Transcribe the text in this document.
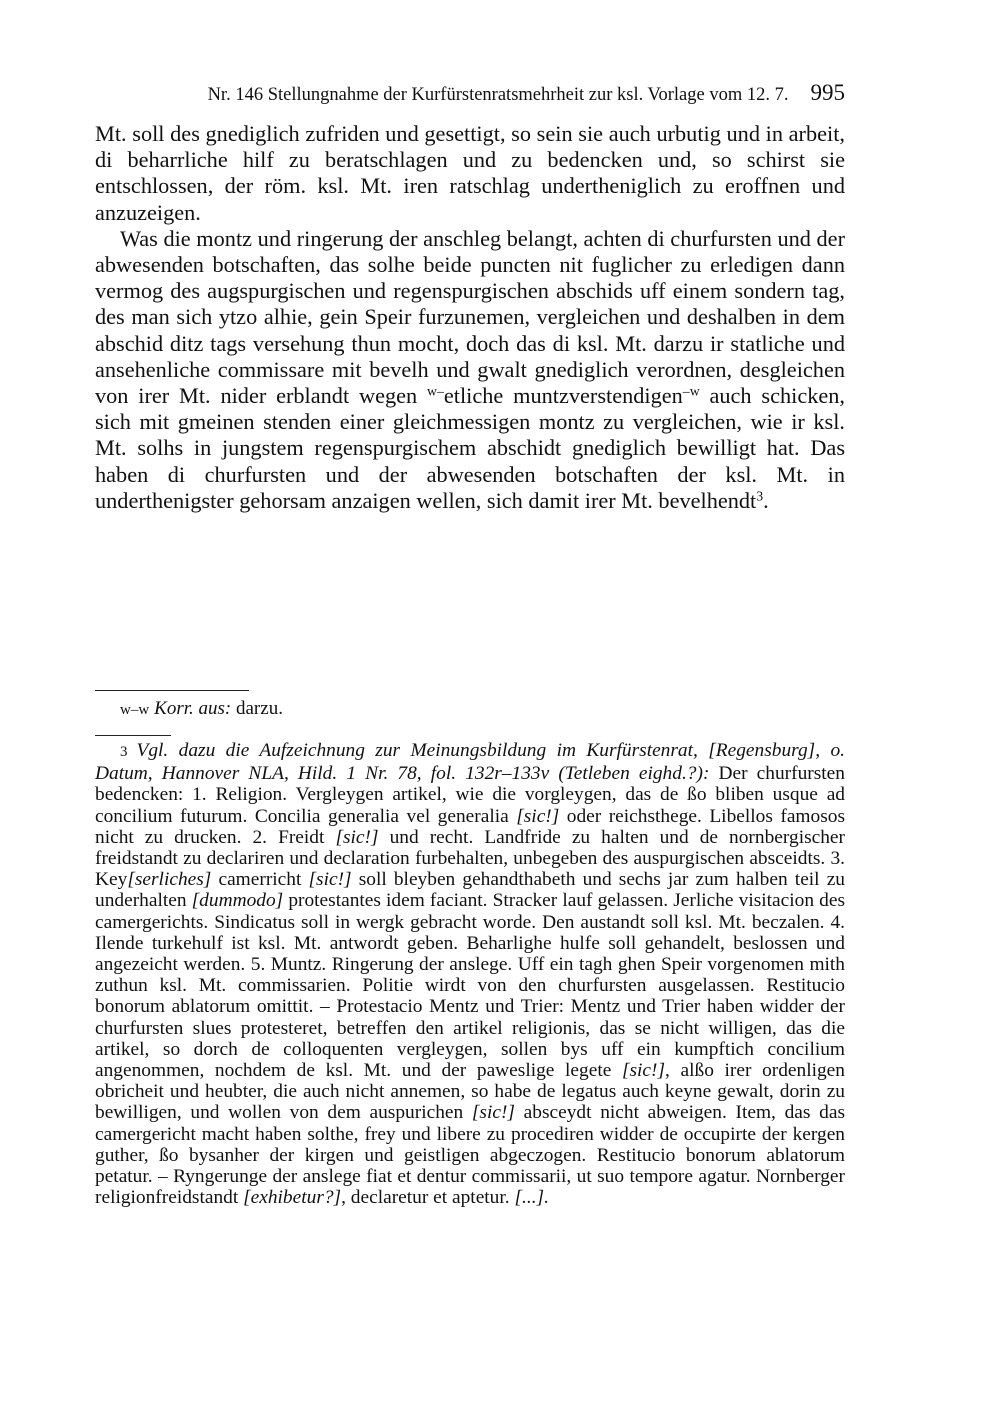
Nr. 146 Stellungnahme der Kurfürstenratsmehrheit zur ksl. Vorlage vom 12. 7. 995

Mt. soll des gnediglich zufriden und gesettigt, so sein sie auch urbutig und in arbeit, di beharrliche hilf zu beratschlagen und zu bedencken und, so schirst sie entschlossen, der röm. ksl. Mt. iren ratschlag undertheniglich zu eroffnen und anzuzeigen.

Was die montz und ringerung der anschleg belangt, achten di churfursten und der abwesenden botschaften, das solhe beide puncten nit fuglicher zu erledigen dann vermog des augspurgischen und regenspurgischen abschids uff einem sondern tag, des man sich ytzo alhie, gein Speir furzunemen, vergleichen und deshalben in dem abschid ditz tags versehung thun mocht, doch das di ksl. Mt. darzu ir statliche und ansehenliche commissare mit bevelh und gwalt gnediglich verordnen, desgleichen von irer Mt. nider erblandt wegen $^{w-}$etliche muntzverstendigen$^{-w}$ auch schicken, sich mit gmeinen stenden einer gleichmessigen montz zu vergleichen, wie ir ksl. Mt. solhs in jungstem regenspurgischem abschidt gnediglich bewilligt hat. Das haben di churfursten und der abwesenden botschaften der ksl. Mt. in underthenigster gehorsam anzaigen wellen, sich damit irer Mt. bevelhendt$^3$.

w–w Korr. aus: darzu.

3 Vgl. dazu die Aufzeichnung zur Meinungsbildung im Kurfürstenrat, [Regensburg], o. Datum, Hannover NLA, Hild. 1 Nr. 78, fol. 132r–133v (Tetleben eighd.?): Der churfursten bedencken: 1. Religion. Vergleygen artikel, wie die vorgleygen, das de ßo bliben usque ad concilium futurum. Concilia generalia vel generalia [sic!] oder reichsthege. Libellos famosos nicht zu drucken. 2. Freidt [sic!] und recht. Landfride zu halten und de nornbergischer freidstandt zu declariren und declaration furbehalten, unbegeben des auspurgischen absceidts. 3. Key[serliches] camerricht [sic!] soll bleyben gehandthabeth und sechs jar zum halben teil zu underhalten [dummodo] protestantes idem faciant. Stracker lauf gelassen. Jerliche visitacion des camergerichts. Sindicatus soll in wergk gebracht worde. Den austandt soll ksl. Mt. beczalen. 4. Ilende turkehulf ist ksl. Mt. antwordt geben. Beharlighe hulfe soll gehandelt, beslossen und angezeicht werden. 5. Muntz. Ringerung der anslege. Uff ein tagh ghen Speir vorgenomen mith zuthun ksl. Mt. commissarien. Politie wirdt von den churfursten ausgelassen. Restitucio bonorum ablatorum omittit. – Protestacio Mentz und Trier: Mentz und Trier haben widder der churfursten slues protesteret, betreffen den artikel religionis, das se nicht willigen, das die artikel, so dorch de colloquenten vergleygen, sollen bys uff ein kumpftich concilium angenommen, nochdem de ksl. Mt. und der paweslige legete [sic!], alßo irer ordenligen obricheit und heubter, die auch nicht annemen, so habe de legatus auch keyne gewalt, dorin zu bewilligen, und wollen von dem auspurichen [sic!] absceydt nicht abweigen. Item, das das camergericht macht haben solthe, frey und libere zu procediren widder de occupirte der kergen guther, ßo bysanher der kirgen und geistligen abgeczogen. Restitucio bonorum ablatorum petatur. – Ryngerunge der anslege fiat et dentur commissarii, ut suo tempore agatur. Nornberger religionfreidstandt [exhibetur?], declaretur et aptetur. [...].
